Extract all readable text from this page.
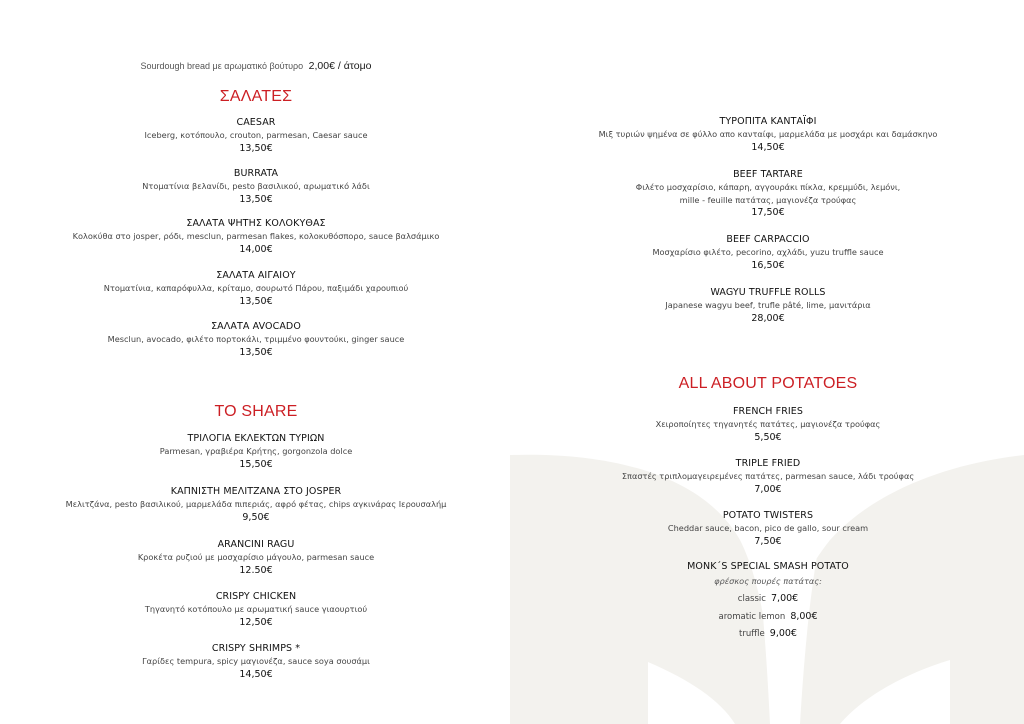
Sourdough bread με αρωματικό βούτυρο 2,00€ / άτομο
ΣΑΛΑΤΕΣ
CAESAR
Iceberg, κοτόπουλο, crouton, parmesan, Caesar sauce
13,50€
BURRATA
Ντοματίνια βελανίδι, pesto βασιλικού, αρωματικό λάδι
13,50€
ΣΑΛΑΤΑ ΨΗΤΗΣ ΚΟΛΟΚΥΘΑΣ
Κολοκύθα στο josper, ρόδι, mesclun, parmesan flakes, κολοκυθόσπορο, sauce βαλσάμικο
14,00€
ΣΑΛΑΤΑ ΑΙΓΑΙΟΥ
Ντοματίνια, καπαρόφυλλα, κρίταμο, σουρωτό Πάρου, παξιμάδι χαρουπιού
13,50€
ΣΑΛΑΤΑ AVOCADO
Mesclun, avocado, φιλέτο πορτοκάλι, τριμμένο φουντούκι, ginger sauce
13,50€
TO SHARE
ΤΡΙΛΟΓΙΑ ΕΚΛΕΚΤΩΝ ΤΥΡΙΩΝ
Parmesan, γραβιέρα Κρήτης, gorgonzola dolce
15,50€
ΚΑΠΝΙΣΤΗ ΜΕΛΙΤΖΑΝΑ ΣΤΟ JOSPER
Μελιτζάνα, pesto βασιλικού, μαρμελάδα πιπεριάς, αφρό φέτας, chips αγκινάρας Ιερουσαλήμ
9,50€
ARANCINI RAGU
Κροκέτα ρυζιού με μοσχαρίσιο μάγουλο, parmesan sauce
12.50€
CRISPY CHICKEN
Τηγανητό κοτόπουλο με αρωματική sauce γιαουρτιού
12,50€
CRISPY SHRIMPS *
Γαρίδες tempura, spicy μαγιονέζα, sauce soya σουσάμι
14,50€
ΤΥΡΟΠΙΤΑ ΚΑΝΤΑΪΦΙ
Μιξ τυριών ψημένα σε φύλλο απο κανταίφι, μαρμελάδα με μοσχάρι και δαμάσκηνο
14,50€
BEEF TARTARE
Φιλέτο μοσχαρίσιο, κάπαρη, αγγουράκι πίκλα, κρεμμύδι, λεμόνι,
mille - feuille πατάτας, μαγιονέζα τρούφας
17,50€
BEEF CARPACCIO
Μοσχαρίσιο φιλέτο, pecorino, αχλάδι, yuzu truffle sauce
16,50€
WAGYU TRUFFLE ROLLS
Japanese wagyu beef, trufle pâté, lime, μανιτάρια
28,00€
ALL ABOUT POTATOES
FRENCH FRIES
Χειροποίητες τηγανητές πατάτες, μαγιονέζα τρούφας
5,50€
TRIPLE FRIED
Σπαστές τριπλομαγειρεμένες πατάτες, parmesan sauce, λάδι τρούφας
7,00€
POTATO TWISTERS
Cheddar sauce, bacon, pico de gallo, sour cream
7,50€
MONK΄S SPECIAL SMASH POTATO
φρέσκος πουρές πατάτας:
classic 7,00€
aromatic lemon 8,00€
truffle 9,00€
